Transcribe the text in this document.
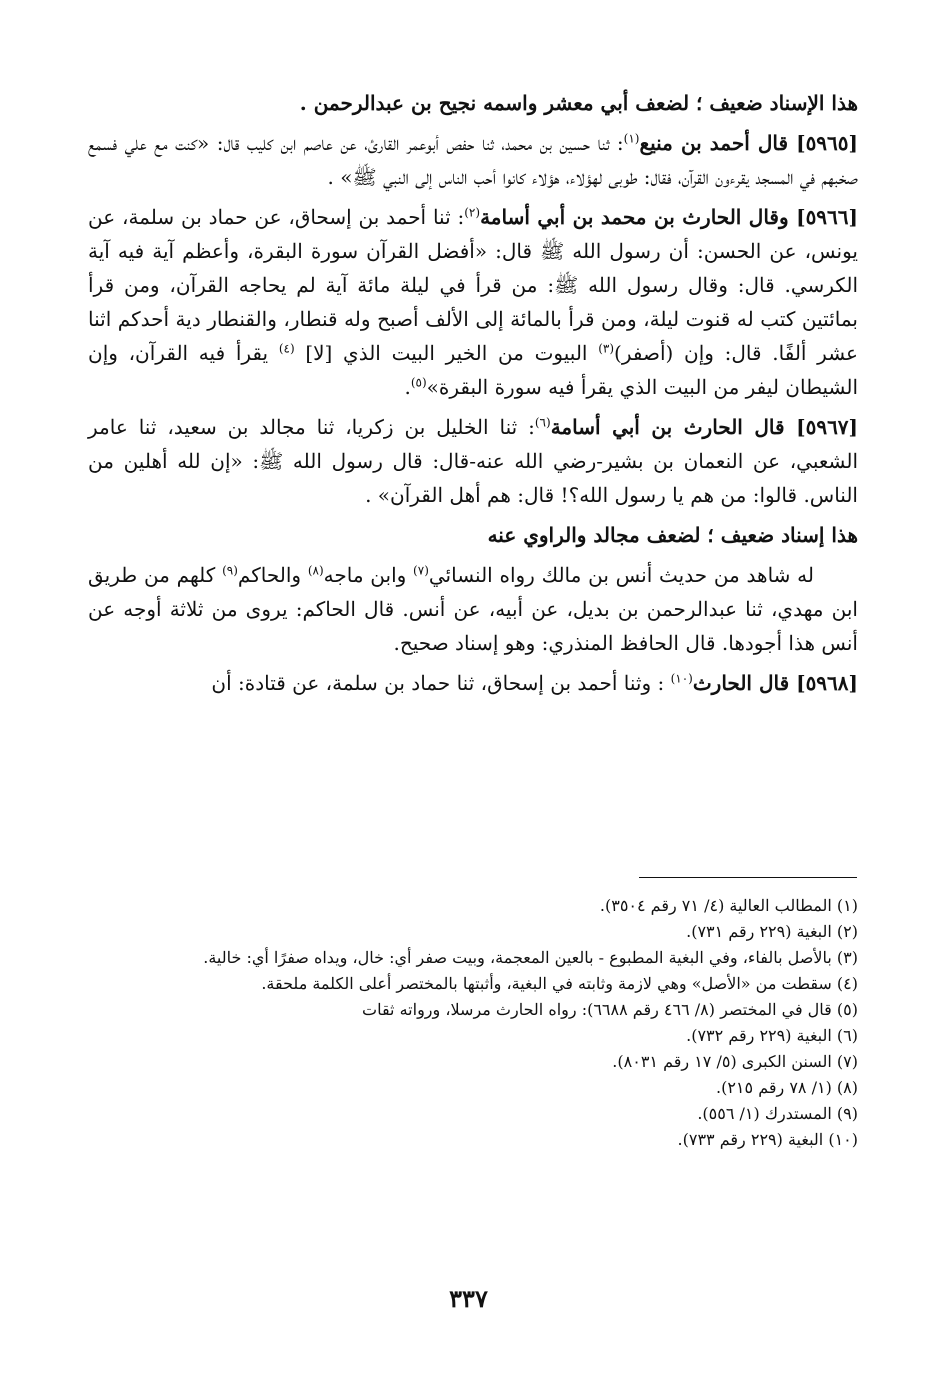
هذا الإسناد ضعيف ؛ لضعف أبي معشر واسمه نجيح بن عبدالرحمن .

[٥٩٦٥] قال أحمد بن منيع$^{(١)}$: ثنا حسين بن محمد، ثنا حفص أبوعمر القارئ، عن عاصم ابن كليب قال: «كنت مع علي فسمع صخبهم في المسجد يقرءون القرآن، فقال: طوبى لهؤلاء، هؤلاء كانوا أحب الناس إلى النبي ﷺ» .

[٥٩٦٦] وقال الحارث بن محمد بن أبي أسامة$^{(٢)}$: ثنا أحمد بن إسحاق، عن حماد بن سلمة، عن يونس، عن الحسن: أن رسول الله ﷺ قال: «أفضل القرآن سورة البقرة، وأعظم آية فيه آية الكرسي. قال: وقال رسول الله ﷺ: من قرأ في ليلة مائة آية لم يحاجه القرآن، ومن قرأ بمائتين كتب له قنوت ليلة، ومن قرأ بالمائة إلى الألف أصبح وله قنطار، والقنطار دية أحدكم اثنا عشر ألفًا. قال: وإن (أصفر)$^{(٣)}$ البيوت من الخير البيت الذي [لا] $^{(٤)}$ يقرأ فيه القرآن، وإن الشيطان ليفر من البيت الذي يقرأ فيه سورة البقرة»$^{(٥)}$.

[٥٩٦٧] قال الحارث بن أبي أسامة$^{(٦)}$: ثنا الخليل بن زكريا، ثنا مجالد بن سعيد، ثنا عامر الشعبي، عن النعمان بن بشير-رضي الله عنه-قال: قال رسول الله ﷺ: «إن لله أهلين من الناس. قالوا: من هم يا رسول الله؟! قال: هم أهل القرآن» .

هذا إسناد ضعيف ؛ لضعف مجالد والراوي عنه

له شاهد من حديث أنس بن مالك رواه النسائي$^{(٧)}$ وابن ماجه$^{(٨)}$ والحاكم$^{(٩)}$ كلهم من طريق ابن مهدي، ثنا عبدالرحمن بن بديل، عن أبيه، عن أنس. قال الحاكم: يروى من ثلاثة أوجه عن أنس هذا أجودها. قال الحافظ المنذري: وهو إسناد صحيح.

[٥٩٦٨] قال الحارث$^{(١٠)}$ : وثنا أحمد بن إسحاق، ثنا حماد بن سلمة، عن قتادة: أن

(١) المطالب العالية (٤/ ٧١ رقم ٣٥٠٤).

(٢) البغية (٢٢٩ رقم ٧٣١).

(٣) بالأصل بالفاء، وفي البغية المطبوع - بالعين المعجمة، وبيت صفر أي: خال، ويداه صفرًا أي: خالية.

(٤) سقطت من «الأصل» وهي لازمة وثابته في البغية، وأثبتها بالمختصر أعلى الكلمة ملحقة.

(٥) قال في المختصر (٨/ ٤٦٦ رقم ٦٦٨٨): رواه الحارث مرسلا، ورواته ثقات

(٦) البغية (٢٢٩ رقم ٧٣٢).

(٧) السنن الكبرى (٥/ ١٧ رقم ٨٠٣١).

(٨) (١/ ٧٨ رقم ٢١٥).

(٩) المستدرك (١/ ٥٥٦).

(١٠) البغية (٢٢٩ رقم ٧٣٣).

٣٣٧
